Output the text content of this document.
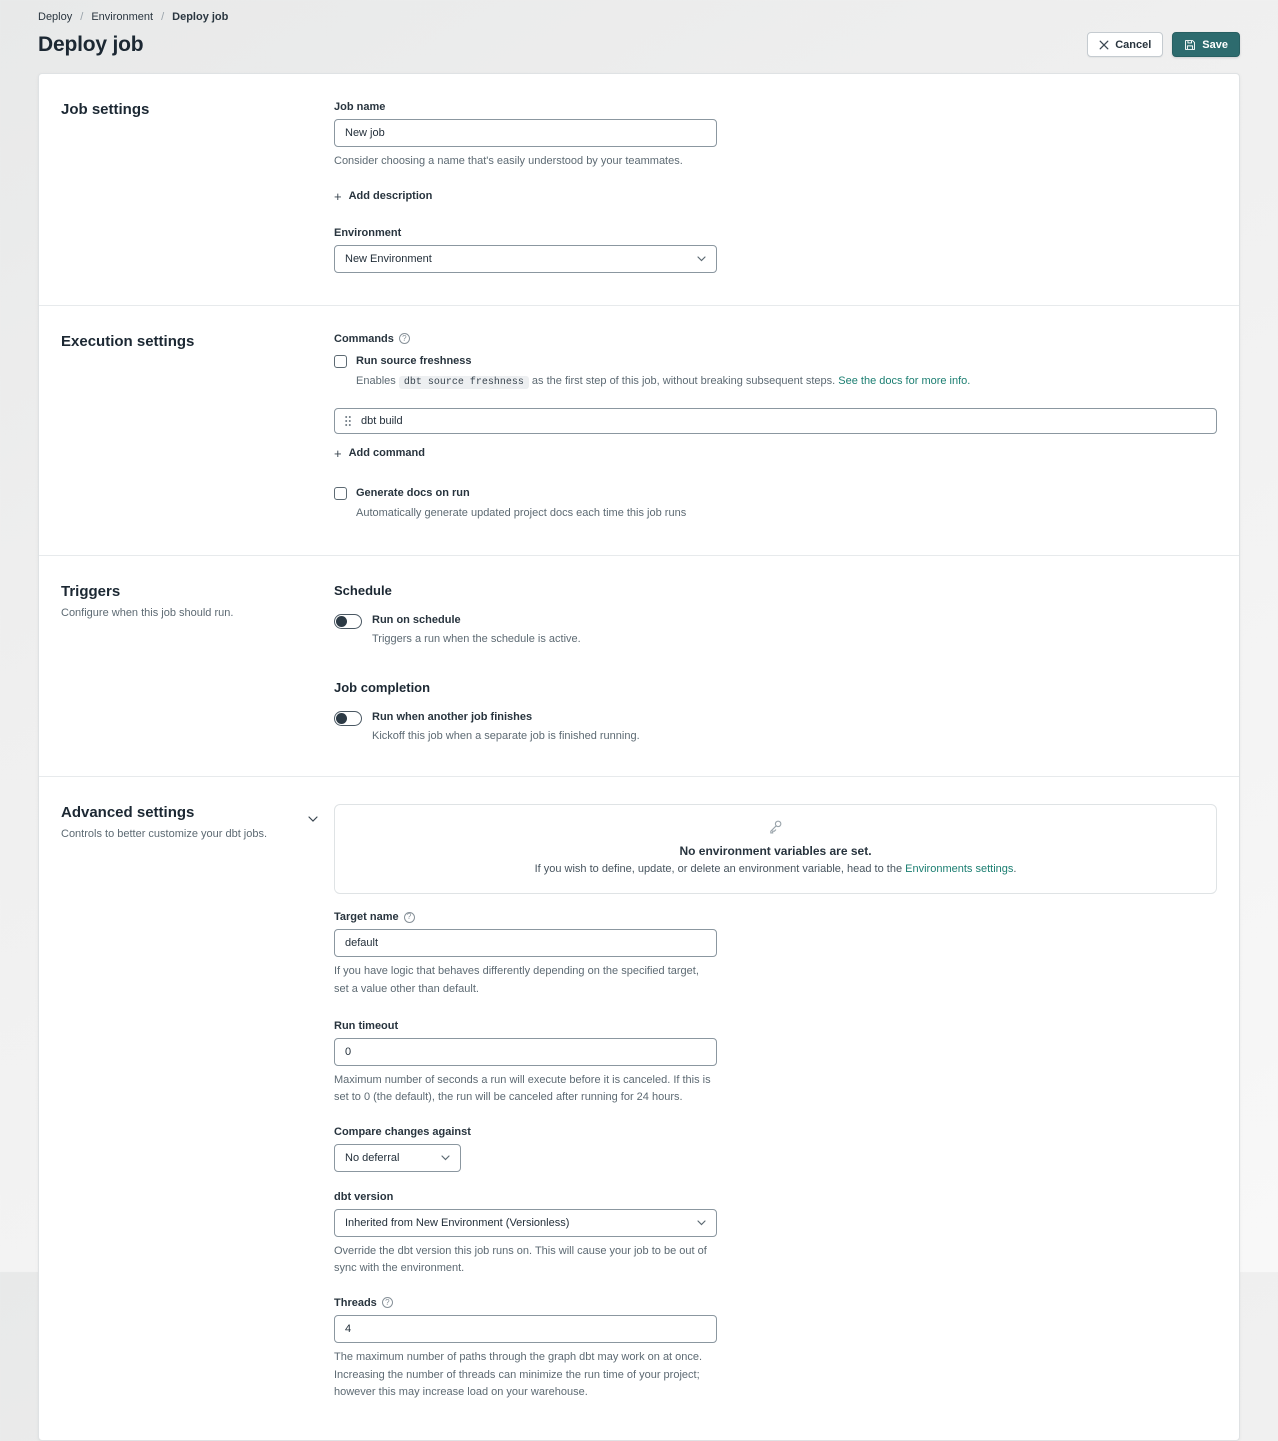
Deploy / Environment / Deploy job
Deploy job	Cancel	Save
Job settings	Job name
New job
Consider choosing a name that's easily understood by your teammates.
+ Add description
Environment
New Environment
Execution settings	Commands	?
Run source freshness
Enables dbt source freshness as the first step of this job, without breaking subsequent steps. See the docs for more info.
dbt build
+ Add command
Generate docs on run
Automatically generate updated project docs each time this job runs
Triggers
Configure when this job should run.
Schedule
Run on schedule
Triggers a run when the schedule is active.
Job completion
Run when another job finishes
Kickoff this job when a separate job is finished running.
Advanced settings
Controls to better customize your dbt jobs.
No environment variables are set.
If you wish to define, update, or delete an environment variable, head to the Environments settings.
Target name	?
default
If you have logic that behaves differently depending on the specified target, set a value other than default.
Run timeout
0
Maximum number of seconds a run will execute before it is canceled. If this is set to 0 (the default), the run will be canceled after running for 24 hours.
Compare changes against
No deferral
dbt version
Inherited from New Environment (Versionless)
Override the dbt version this job runs on. This will cause your job to be out of sync with the environment.
Threads	?
4
The maximum number of paths through the graph dbt may work on at once. Increasing the number of threads can minimize the run time of your project; however this may increase load on your warehouse.
